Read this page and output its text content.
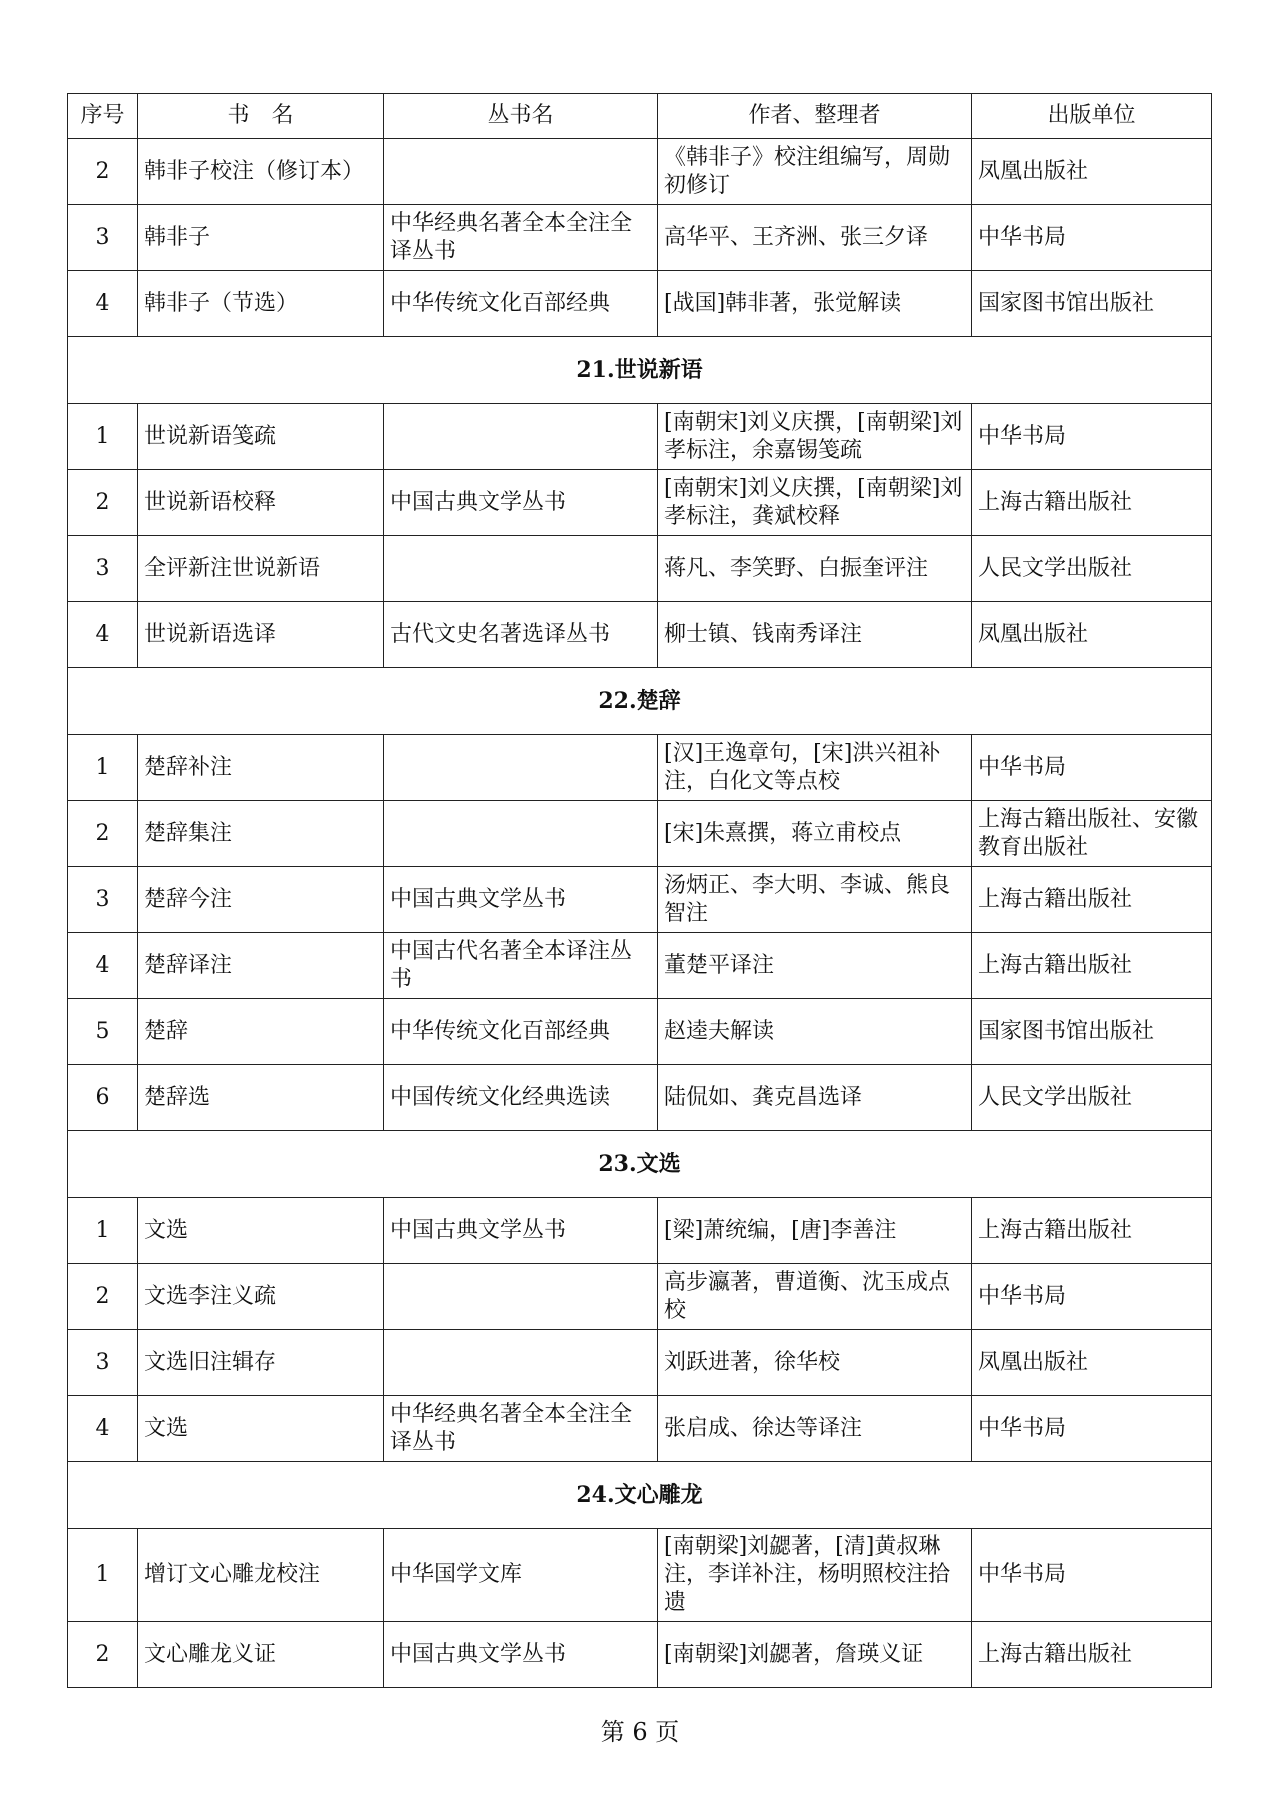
序号	书　名	丛书名	作者、整理者	出版单位
2	韩非子校注（修订本）		《韩非子》校注组编写，周勋初修订	凤凰出版社
3	韩非子	中华经典名著全本全注全译丛书	高华平、王齐洲、张三夕译	中华书局
4	韩非子（节选）	中华传统文化百部经典	[战国]韩非著，张觉解读	国家图书馆出版社
21.世说新语				
1	世说新语笺疏		[南朝宋]刘义庆撰，[南朝梁]刘孝标注，余嘉锡笺疏	中华书局
2	世说新语校释	中国古典文学丛书	[南朝宋]刘义庆撰，[南朝梁]刘孝标注，龚斌校释	上海古籍出版社
3	全评新注世说新语		蒋凡、李笑野、白振奎评注	人民文学出版社
4	世说新语选译	古代文史名著选译丛书	柳士镇、钱南秀译注	凤凰出版社
22.楚辞				
1	楚辞补注		[汉]王逸章句，[宋]洪兴祖补注，白化文等点校	中华书局
2	楚辞集注		[宋]朱熹撰，蒋立甫校点	上海古籍出版社、安徽教育出版社
3	楚辞今注	中国古典文学丛书	汤炳正、李大明、李诚、熊良智注	上海古籍出版社
4	楚辞译注	中国古代名著全本译注丛书	董楚平译注	上海古籍出版社
5	楚辞	中华传统文化百部经典	赵逵夫解读	国家图书馆出版社
6	楚辞选	中国传统文化经典选读	陆侃如、龚克昌选译	人民文学出版社
23.文选				
1	文选	中国古典文学丛书	[梁]萧统编，[唐]李善注	上海古籍出版社
2	文选李注义疏		高步瀛著，曹道衡、沈玉成点校	中华书局
3	文选旧注辑存		刘跃进著，徐华校	凤凰出版社
4	文选	中华经典名著全本全注全译丛书	张启成、徐达等译注	中华书局
24.文心雕龙				
1	增订文心雕龙校注	中华国学文库	[南朝梁]刘勰著，[清]黄叔琳注，李详补注，杨明照校注拾遗	中华书局
2	文心雕龙义证	中国古典文学丛书	[南朝梁]刘勰著，詹瑛义证	上海古籍出版社
第 6 页
